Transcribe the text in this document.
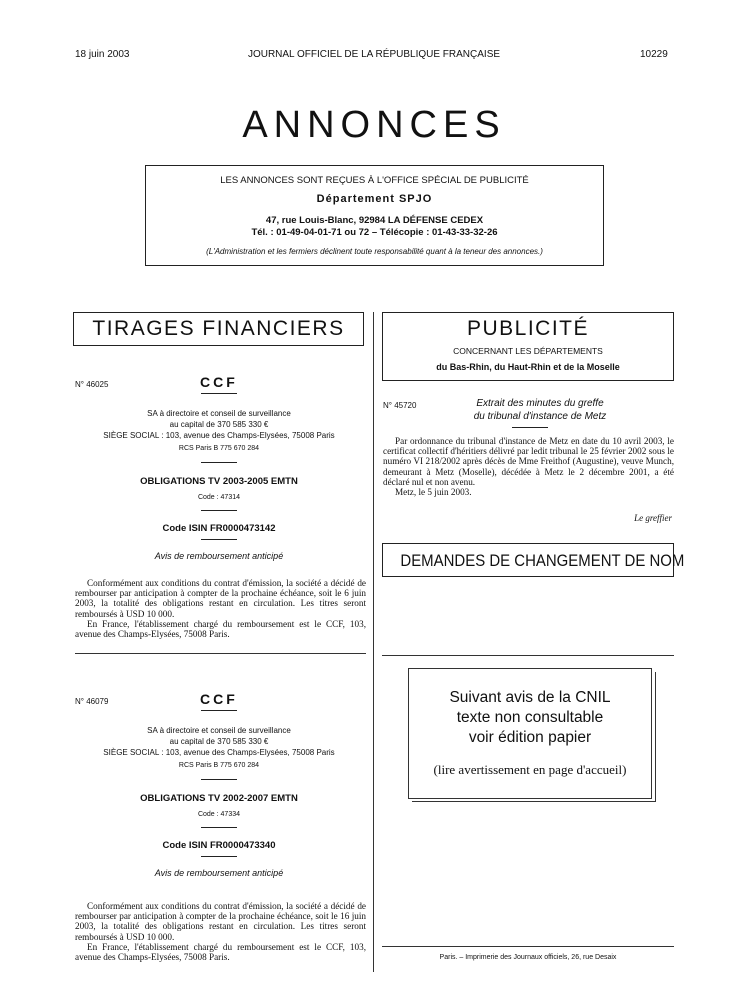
18 juin 2003	JOURNAL OFFICIEL DE LA RÉPUBLIQUE FRANÇAISE	10229
ANNONCES
LES ANNONCES SONT REÇUES À L'OFFICE SPÉCIAL DE PUBLICITÉ
Département SPJO
47, rue Louis-Blanc, 92984 LA DÉFENSE CEDEX
Tél. : 01-49-04-01-71 ou 72 – Télécopie : 01-43-33-32-26
(L'Administration et les fermiers déclinent toute responsabilité quant à la teneur des annonces.)
TIRAGES FINANCIERS
N° 46025	CCF
SA à directoire et conseil de surveillance
au capital de 370 585 330 €
SIÈGE SOCIAL : 103, avenue des Champs-Elysées, 75008 Paris
RCS Paris B 775 670 284
OBLIGATIONS TV 2003-2005 EMTN
Code : 47314
Code ISIN FR0000473142
Avis de remboursement anticipé

Conformément aux conditions du contrat d'émission, la société a décidé de rembourser par anticipation à compter de la prochaine échéance, soit le 6 juin 2003, la totalité des obligations restant en circulation. Les titres seront remboursés à USD 10 000.

En France, l'établissement chargé du remboursement est le CCF, 103, avenue des Champs-Elysées, 75008 Paris.

N° 46079	CCF
SA à directoire et conseil de surveillance
au capital de 370 585 330 €
SIÈGE SOCIAL : 103, avenue des Champs-Elysées, 75008 Paris
RCS Paris B 775 670 284
OBLIGATIONS TV 2002-2007 EMTN
Code : 47334
Code ISIN FR0000473340
Avis de remboursement anticipé

Conformément aux conditions du contrat d'émission, la société a décidé de rembourser par anticipation à compter de la prochaine échéance, soit le 16 juin 2003, la totalité des obligations restant en circulation. Les titres seront remboursés à USD 10 000.

En France, l'établissement chargé du remboursement est le CCF, 103, avenue des Champs-Elysées, 75008 Paris.

PUBLICITÉ
CONCERNANT LES DÉPARTEMENTS
du Bas-Rhin, du Haut-Rhin et de la Moselle
N° 45720	Extrait des minutes du greffe
du tribunal d'instance de Metz

Par ordonnance du tribunal d'instance de Metz en date du 10 avril 2003, le certificat collectif d'héritiers délivré par ledit tribunal le 25 février 2002 sous le numéro VI 218/2002 après décès de Mme Freithof (Augustine), veuve Munch, demeurant à Metz (Moselle), décédée à Metz le 2 décembre 2001, a été déclaré nul et non avenu.

Metz, le 5 juin 2003.

Le greffier
DEMANDES DE CHANGEMENT DE NOM
Suivant avis de la CNIL
texte non consultable
voir édition papier
(lire avertissement en page d'accueil)
Paris. – Imprimerie des Journaux officiels, 26, rue Desaix
